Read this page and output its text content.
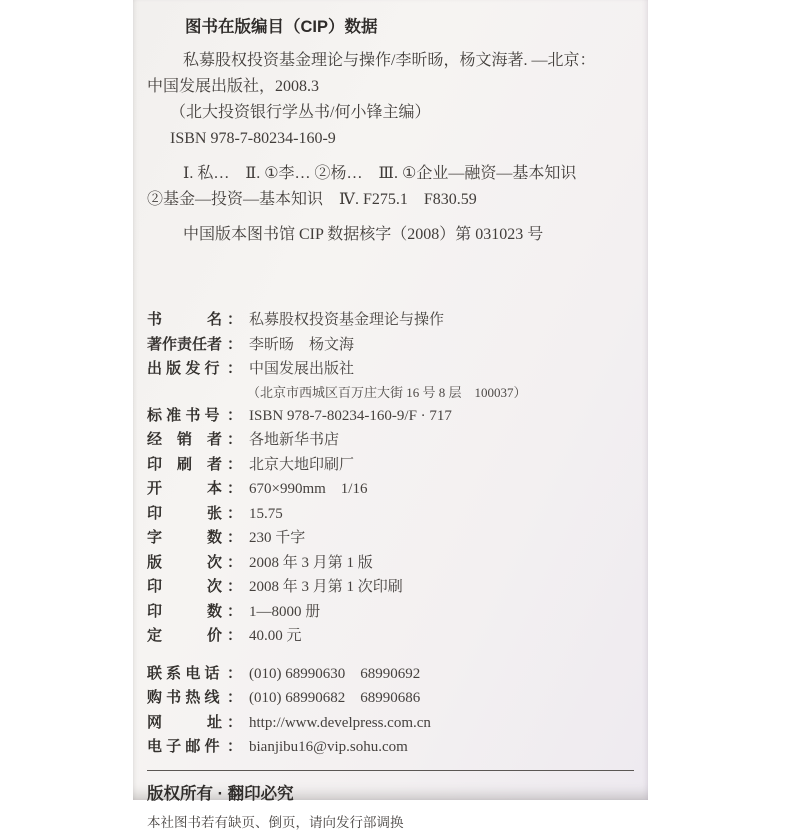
图书在版编目（CIP）数据

私募股权投资基金理论与操作/李昕旸，杨文海著. —北京：

中国发展出版社，2008.3

（北大投资银行学丛书/何小锋主编）

ISBN 978-7-80234-160-9

Ⅰ. 私…　Ⅱ. ①李… ②杨…　Ⅲ. ①企业—融资—基本知识

②基金—投资—基本知识　Ⅳ. F275.1　F830.59

中国版本图书馆 CIP 数据核字（2008）第 031023 号

书　　　名 ： 私募股权投资基金理论与操作
著作责任者 ： 李昕旸　杨文海
出 版 发 行 ： 中国发展出版社
（北京市西城区百万庄大街 16 号 8 层　100037）
标 准 书 号 ： ISBN 978-7-80234-160-9/F · 717
经　销　者 ： 各地新华书店
印　刷　者 ： 北京大地印刷厂
开　　　本 ： 670×990mm　1/16
印　　　张 ： 15.75
字　　　数 ： 230 千字
版　　　次 ： 2008 年 3 月第 1 版
印　　　次 ： 2008 年 3 月第 1 次印刷
印　　　数 ： 1—8000 册
定　　　价 ： 40.00 元
联 系 电 话 ： (010) 68990630　68990692
购 书 热 线 ： (010) 68990682　68990686
网　　　址 ： http://www.develpress.com.cn
电 子 邮 件 ： bianjibu16@vip.sohu.com
版权所有 · 翻印必究
本社图书若有缺页、倒页，请向发行部调换
